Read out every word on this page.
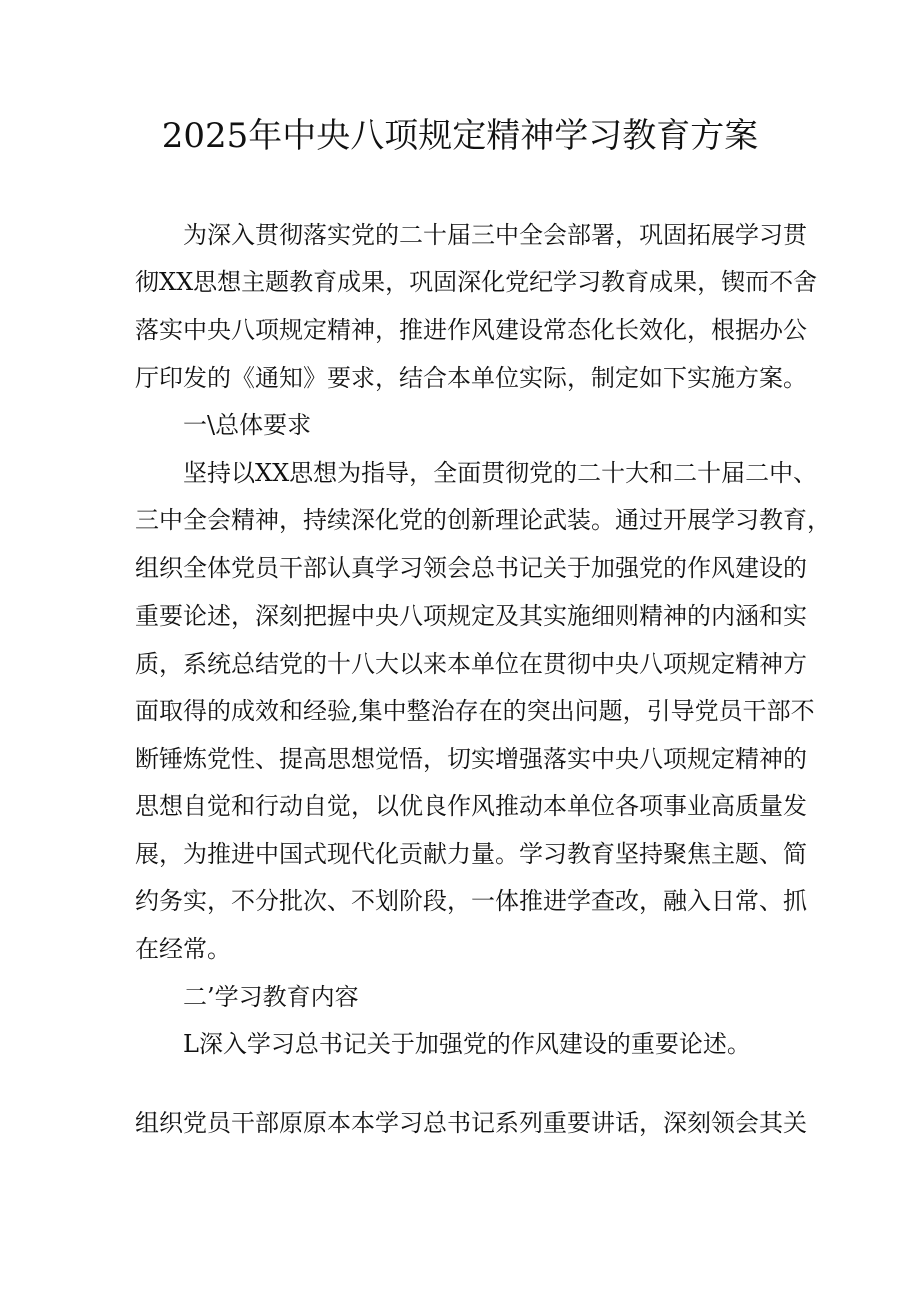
2025年中央八项规定精神学习教育方案
为深入贯彻落实党的二十届三中全会部署，巩固拓展学习贯
彻XX思想主题教育成果，巩固深化党纪学习教育成果，锲而不舍
落实中央八项规定精神，推进作风建设常态化长效化，根据办公
厅印发的《通知》要求，结合本单位实际，制定如下实施方案。
一\总体要求
坚持以XX思想为指导，全面贯彻党的二十大和二十届二中、
三中全会精神，持续深化党的创新理论武装。通过开展学习教育，
组织全体党员干部认真学习领会总书记关于加强党的作风建设的
重要论述，深刻把握中央八项规定及其实施细则精神的内涵和实
质，系统总结党的十八大以来本单位在贯彻中央八项规定精神方
面取得的成效和经验,集中整治存在的突出问题，引导党员干部不
断锤炼党性、提高思想觉悟，切实增强落实中央八项规定精神的
思想自觉和行动自觉，以优良作风推动本单位各项事业高质量发
展，为推进中国式现代化贡献力量。学习教育坚持聚焦主题、简
约务实，不分批次、不划阶段，一体推进学查改，融入日常、抓
在经常。
二’学习教育内容
L深入学习总书记关于加强党的作风建设的重要论述。
组织党员干部原原本本学习总书记系列重要讲话，深刻领会其关
